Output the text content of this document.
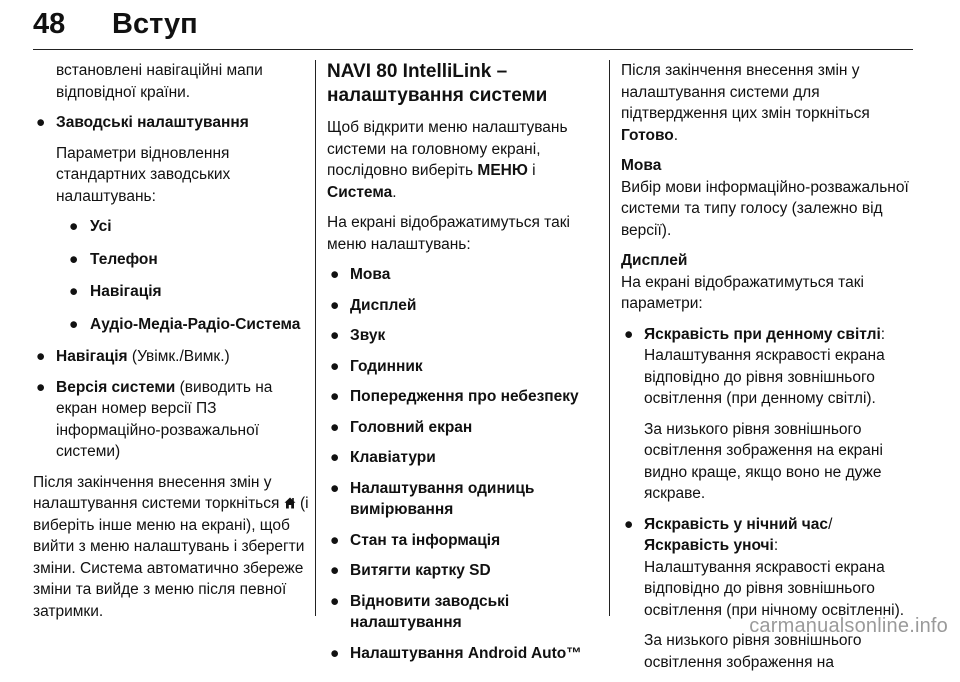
48 Вступ

встановлені навігаційні мапи відповідної країни.

● Заводські налаштування
Параметри відновлення стандартних заводських налаштувань:
● Усі
● Телефон
● Навігація
● Аудіо-Медіа-Радіо-Система
● Навігація (Увімк./Вимк.)
● Версія системи (виводить на екран номер версії ПЗ інформаційно-розважальної системи)

Після закінчення внесення змін у налаштування системи торкніться  (і виберіть інше меню на екрані), щоб вийти з меню налаштувань і зберегти зміни. Система автоматично збереже зміни та вийде з меню після певної затримки.

NAVI 80 IntelliLink – налаштування системи

Щоб відкрити меню налаштувань системи на головному екрані, послідовно виберіть МЕНЮ і Система.

На екрані відображатимуться такі меню налаштувань:

● Мова
● Дисплей
● Звук
● Годинник
● Попередження про небезпеку
● Головний екран
● Клавіатури
● Налаштування одиниць вимірювання
● Стан та інформація
● Витягти картку SD
● Відновити заводські налаштування
● Налаштування Android Auto™

Після закінчення внесення змін у налаштування системи для підтвердження цих змін торкніться Готово.

Мова

Вибір мови інформаційно-розважальної системи та типу голосу (залежно від версії).

Дисплей

На екрані відображатимуться такі параметри:

● Яскравість при денному світлі:
Налаштування яскравості екрана відповідно до рівня зовнішнього освітлення (при денному світлі).
За низького рівня зовнішнього освітлення зображення на екрані видно краще, якщо воно не дуже яскраве.
● Яскравість у нічний час/
Яскравість уночі:
Налаштування яскравості екрана відповідно до рівня зовнішнього освітлення (при нічному освітленні).
За низького рівня зовнішнього освітлення зображення на
carmanualsonline.info
